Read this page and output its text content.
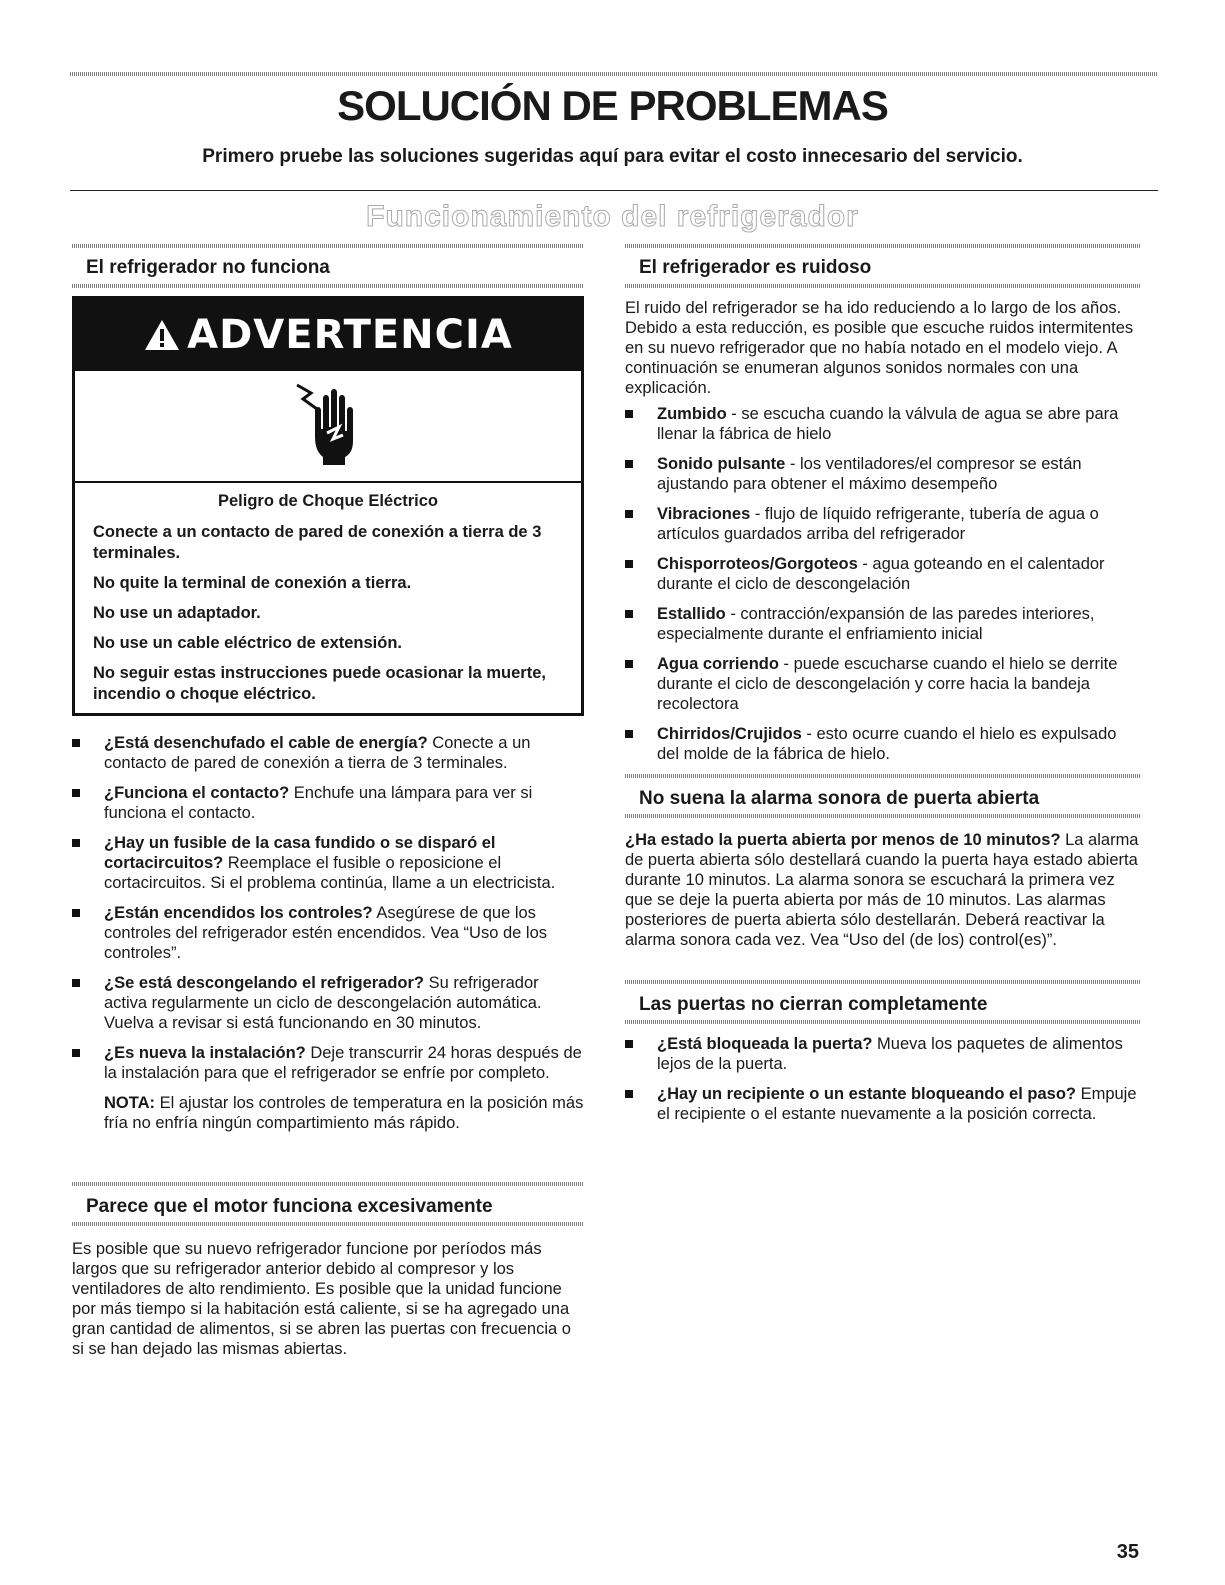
SOLUCIÓN DE PROBLEMAS

Primero pruebe las soluciones sugeridas aquí para evitar el costo innecesario del servicio.

Funcionamiento del refrigerador
El refrigerador no funciona
ADVERTENCIA

Peligro de Choque Eléctrico

Conecte a un contacto de pared de conexión a tierra de 3 terminales.

No quite la terminal de conexión a tierra.

No use un adaptador.

No use un cable eléctrico de extensión.

No seguir estas instrucciones puede ocasionar la muerte, incendio o choque eléctrico.

¿Está desenchufado el cable de energía? Conecte a un contacto de pared de conexión a tierra de 3 terminales.
¿Funciona el contacto? Enchufe una lámpara para ver si funciona el contacto.
¿Hay un fusible de la casa fundido o se disparó el cortacircuitos? Reemplace el fusible o reposicione el cortacircuitos. Si el problema continúa, llame a un electricista.
¿Están encendidos los controles? Asegúrese de que los controles del refrigerador estén encendidos. Vea “Uso de los controles”.
¿Se está descongelando el refrigerador? Su refrigerador activa regularmente un ciclo de descongelación automática. Vuelva a revisar si está funcionando en 30 minutos.
¿Es nueva la instalación? Deje transcurrir 24 horas después de la instalación para que el refrigerador se enfríe por completo.

NOTA: El ajustar los controles de temperatura en la posición más fría no enfría ningún compartimiento más rápido.

Parece que el motor funciona excesivamente

Es posible que su nuevo refrigerador funcione por períodos más largos que su refrigerador anterior debido al compresor y los ventiladores de alto rendimiento. Es posible que la unidad funcione por más tiempo si la habitación está caliente, si se ha agregado una gran cantidad de alimentos, si se abren las puertas con frecuencia o si se han dejado las mismas abiertas.

El refrigerador es ruidoso

El ruido del refrigerador se ha ido reduciendo a lo largo de los años. Debido a esta reducción, es posible que escuche ruidos intermitentes en su nuevo refrigerador que no había notado en el modelo viejo. A continuación se enumeran algunos sonidos normales con una explicación.

Zumbido - se escucha cuando la válvula de agua se abre para llenar la fábrica de hielo
Sonido pulsante - los ventiladores/el compresor se están ajustando para obtener el máximo desempeño
Vibraciones - flujo de líquido refrigerante, tubería de agua o artículos guardados arriba del refrigerador
Chisporroteos/Gorgoteos - agua goteando en el calentador durante el ciclo de descongelación
Estallido - contracción/expansión de las paredes interiores, especialmente durante el enfriamiento inicial
Agua corriendo - puede escucharse cuando el hielo se derrite durante el ciclo de descongelación y corre hacia la bandeja recolectora
Chirridos/Crujidos - esto ocurre cuando el hielo es expulsado del molde de la fábrica de hielo.
No suena la alarma sonora de puerta abierta

¿Ha estado la puerta abierta por menos de 10 minutos? La alarma de puerta abierta sólo destellará cuando la puerta haya estado abierta durante 10 minutos. La alarma sonora se escuchará la primera vez que se deje la puerta abierta por más de 10 minutos. Las alarmas posteriores de puerta abierta sólo destellarán. Deberá reactivar la alarma sonora cada vez. Vea “Uso del (de los) control(es)”.

Las puertas no cierran completamente
¿Está bloqueada la puerta? Mueva los paquetes de alimentos lejos de la puerta.
¿Hay un recipiente o un estante bloqueando el paso? Empuje el recipiente o el estante nuevamente a la posición correcta.
35
